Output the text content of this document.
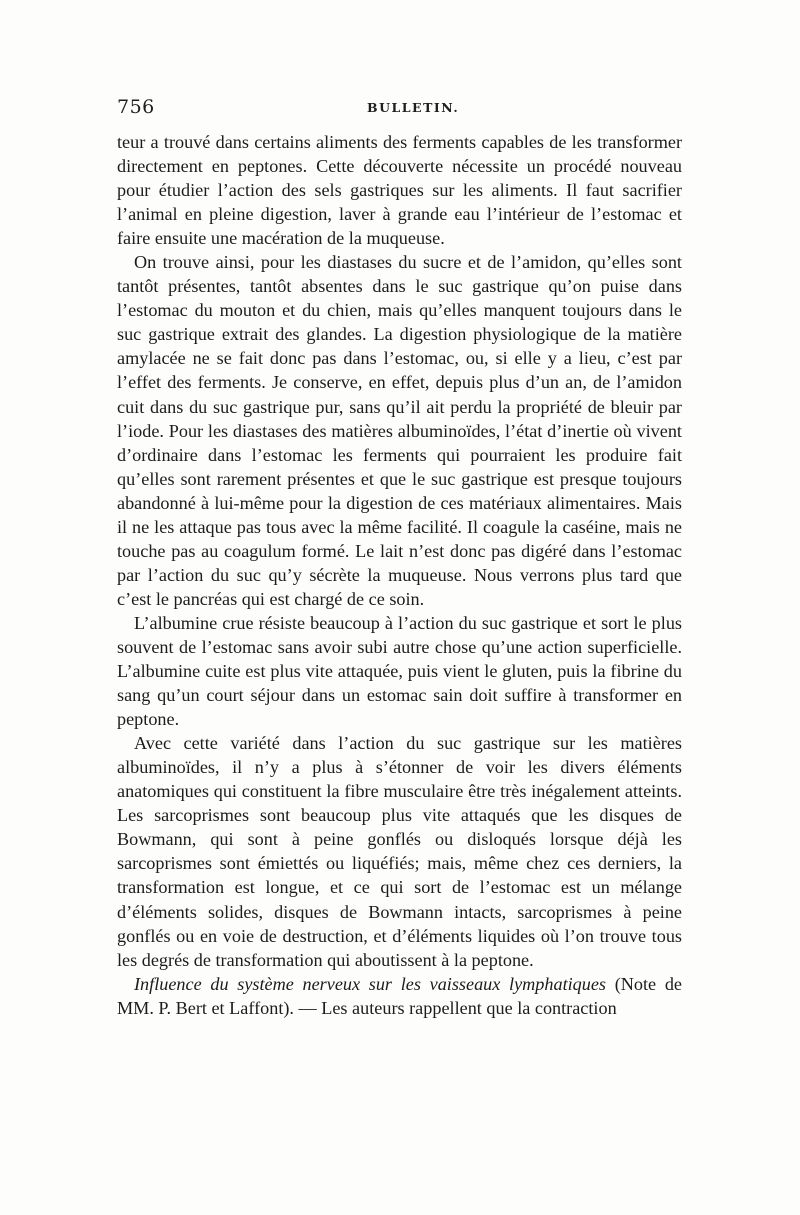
756	BULLETIN.

teur a trouvé dans certains aliments des ferments capables de les transformer directement en peptones. Cette découverte nécessite un procédé nouveau pour étudier l’action des sels gastriques sur les aliments. Il faut sacrifier l’animal en pleine digestion, laver à grande eau l’intérieur de l’estomac et faire ensuite une macération de la muqueuse.

On trouve ainsi, pour les diastases du sucre et de l’amidon, qu’elles sont tantôt présentes, tantôt absentes dans le suc gastrique qu’on puise dans l’estomac du mouton et du chien, mais qu’elles manquent toujours dans le suc gastrique extrait des glandes. La digestion physiologique de la matière amylacée ne se fait donc pas dans l’estomac, ou, si elle y a lieu, c’est par l’effet des ferments. Je conserve, en effet, depuis plus d’un an, de l’amidon cuit dans du suc gastrique pur, sans qu’il ait perdu la propriété de bleuir par l’iode. Pour les diastases des matières albuminoïdes, l’état d’inertie où vivent d’ordinaire dans l’estomac les ferments qui pourraient les produire fait qu’elles sont rarement présentes et que le suc gastrique est presque toujours abandonné à lui-même pour la digestion de ces matériaux alimentaires. Mais il ne les attaque pas tous avec la même facilité. Il coagule la caséine, mais ne touche pas au coagulum formé. Le lait n’est donc pas digéré dans l’estomac par l’action du suc qu’y sécrète la muqueuse. Nous verrons plus tard que c’est le pancréas qui est chargé de ce soin.

L’albumine crue résiste beaucoup à l’action du suc gastrique et sort le plus souvent de l’estomac sans avoir subi autre chose qu’une action superficielle. L’albumine cuite est plus vite attaquée, puis vient le gluten, puis la fibrine du sang qu’un court séjour dans un estomac sain doit suffire à transformer en peptone.

Avec cette variété dans l’action du suc gastrique sur les matières albuminoïdes, il n’y a plus à s’étonner de voir les divers éléments anatomiques qui constituent la fibre musculaire être très inégalement atteints. Les sarcoprismes sont beaucoup plus vite attaqués que les disques de Bowmann, qui sont à peine gonflés ou disloqués lorsque déjà les sarcoprismes sont émiettés ou liquéfiés; mais, même chez ces derniers, la transformation est longue, et ce qui sort de l’estomac est un mélange d’éléments solides, disques de Bowmann intacts, sarcoprismes à peine gonflés ou en voie de destruction, et d’éléments liquides où l’on trouve tous les degrés de transformation qui aboutissent à la peptone.

Influence du système nerveux sur les vaisseaux lymphatiques (Note de MM. P. Bert et Laffont). — Les auteurs rappellent que la contraction
